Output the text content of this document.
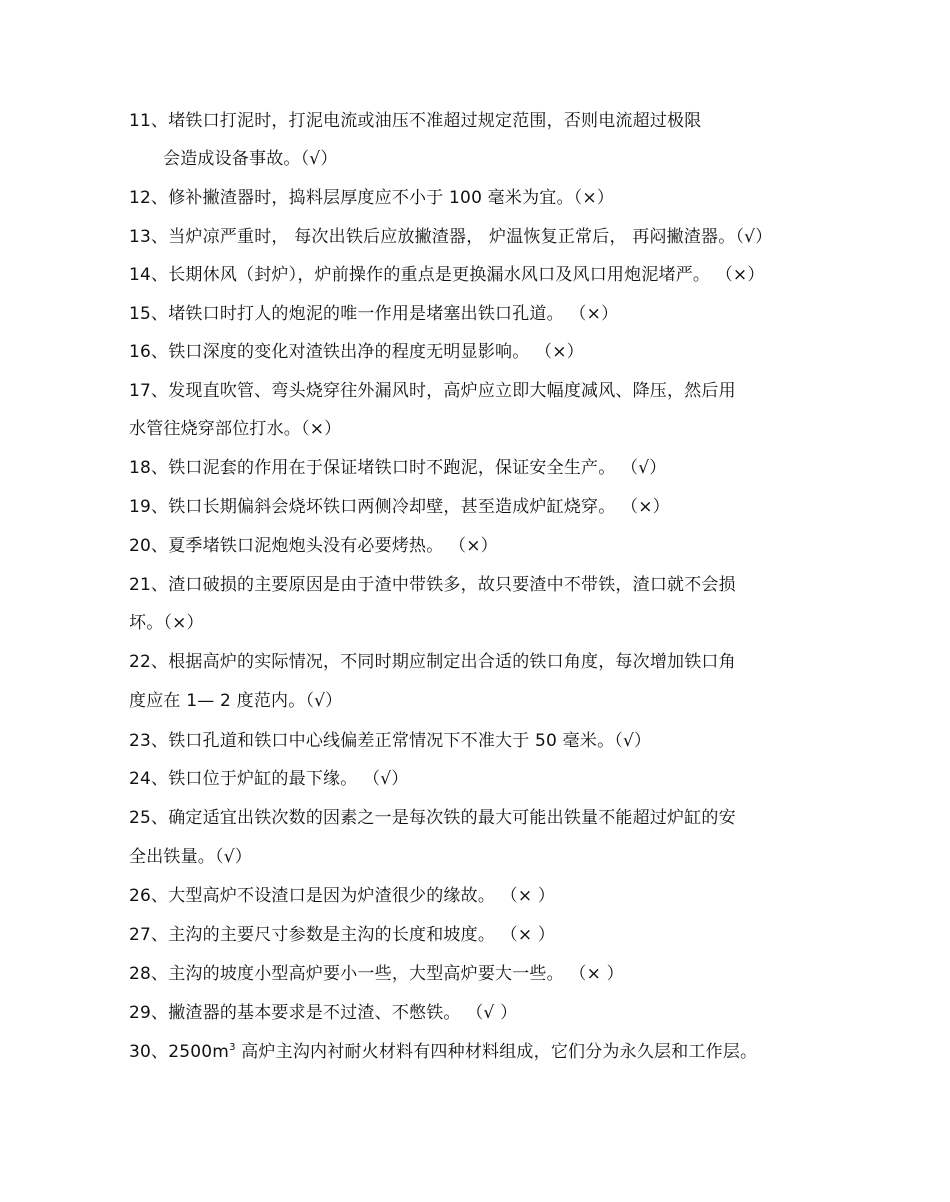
11、堵铁口打泥时，打泥电流或油压不准超过规定范围，否则电流超过极限
会造成设备事故。（√）
12、修补撇渣器时，捣料层厚度应不小于 100 毫米为宜。（×）
13、当炉凉严重时， 每次出铁后应放撇渣器， 炉温恢复正常后， 再闷撇渣器。（√）
14、长期休风（封炉），炉前操作的重点是更换漏水风口及风口用炮泥堵严。 （×）
15、堵铁口时打人的炮泥的唯一作用是堵塞出铁口孔道。 （×）
16、铁口深度的变化对渣铁出净的程度无明显影响。 （×）
17、发现直吹管、弯头烧穿往外漏风时，高炉应立即大幅度减风、降压，然后用
水管往烧穿部位打水。（×）
18、铁口泥套的作用在于保证堵铁口时不跑泥，保证安全生产。 （√）
19、铁口长期偏斜会烧坏铁口两侧冷却壁，甚至造成炉缸烧穿。 （×）
20、夏季堵铁口泥炮炮头没有必要烤热。 （×）
21、渣口破损的主要原因是由于渣中带铁多，故只要渣中不带铁，渣口就不会损
坏。（×）
22、根据高炉的实际情况，不同时期应制定出合适的铁口角度，每次增加铁口角
度应在 1— 2 度范内。（√）
23、铁口孔道和铁口中心线偏差正常情况下不准大于 50 毫米。（√）
24、铁口位于炉缸的最下缘。 （√）
25、确定适宜出铁次数的因素之一是每次铁的最大可能出铁量不能超过炉缸的安
全出铁量。（√）
26、大型高炉不设渣口是因为炉渣很少的缘故。 （× ）
27、主沟的主要尺寸参数是主沟的长度和坡度。 （× ）
28、主沟的坡度小型高炉要小一些，大型高炉要大一些。 （× ）
29、撇渣器的基本要求是不过渣、不憋铁。 （√ ）
30、$2500m^3$ 高炉主沟内衬耐火材料有四种材料组成，它们分为永久层和工作层。
